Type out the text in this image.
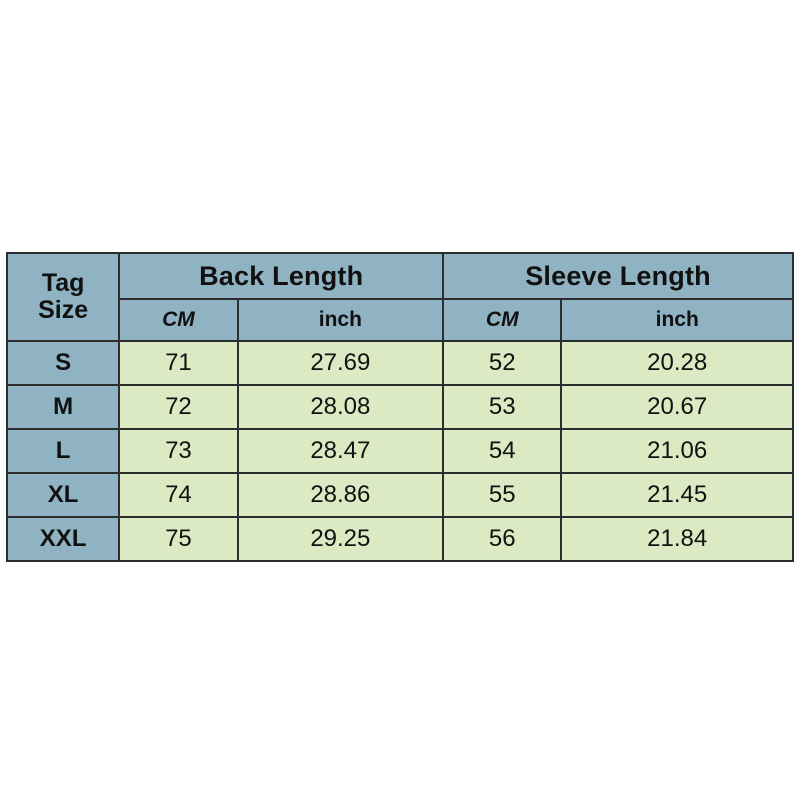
Tag
Size	Back Length		Sleeve Length	
	CM	inch	CM	inch
S	71	27.69	52	20.28
M	72	28.08	53	20.67
L	73	28.47	54	21.06
XL	74	28.86	55	21.45
XXL	75	29.25	56	21.84
